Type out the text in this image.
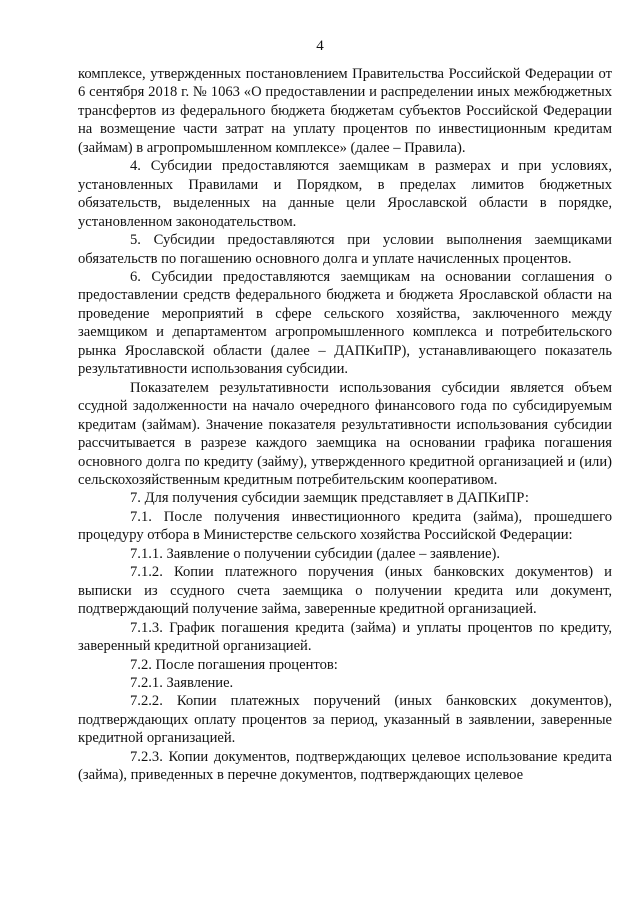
4

комплексе, утвержденных постановлением Правительства Российской Федерации от 6 сентября 2018 г. № 1063 «О предоставлении и распределении иных межбюджетных трансфертов из федерального бюджета бюджетам субъектов Российской Федерации на возмещение части затрат на уплату процентов по инвестиционным кредитам (займам) в агропромышленном комплексе» (далее – Правила).

4. Субсидии предоставляются заемщикам в размерах и при условиях, установленных Правилами и Порядком, в пределах лимитов бюджетных обязательств, выделенных на данные цели Ярославской области в порядке, установленном законодательством.

5. Субсидии предоставляются при условии выполнения заемщиками обязательств по погашению основного долга и уплате начисленных процентов.

6. Субсидии предоставляются заемщикам на основании соглашения о предоставлении средств федерального бюджета и бюджета Ярославской области на проведение мероприятий в сфере сельского хозяйства, заключенного между заемщиком и департаментом агропромышленного комплекса и потребительского рынка Ярославской области (далее – ДАПКиПР), устанавливающего показатель результативности использования субсидии.

Показателем результативности использования субсидии является объем ссудной задолженности на начало очередного финансового года по субсидируемым кредитам (займам). Значение показателя результативности использования субсидии рассчитывается в разрезе каждого заемщика на основании графика погашения основного долга по кредиту (займу), утвержденного кредитной организацией и (или) сельскохозяйственным кредитным потребительским кооперативом.

7. Для получения субсидии заемщик представляет в ДАПКиПР:

7.1. После получения инвестиционного кредита (займа), прошедшего процедуру отбора в Министерстве сельского хозяйства Российской Федерации:

7.1.1. Заявление о получении субсидии (далее – заявление).

7.1.2. Копии платежного поручения (иных банковских документов) и выписки из ссудного счета заемщика о получении кредита или документ, подтверждающий получение займа, заверенные кредитной организацией.

7.1.3. График погашения кредита (займа) и уплаты процентов по кредиту, заверенный кредитной организацией.

7.2. После погашения процентов:

7.2.1. Заявление.

7.2.2. Копии платежных поручений (иных банковских документов), подтверждающих оплату процентов за период, указанный в заявлении, заверенные кредитной организацией.

7.2.3. Копии документов, подтверждающих целевое использование кредита (займа), приведенных в перечне документов, подтверждающих целевое
